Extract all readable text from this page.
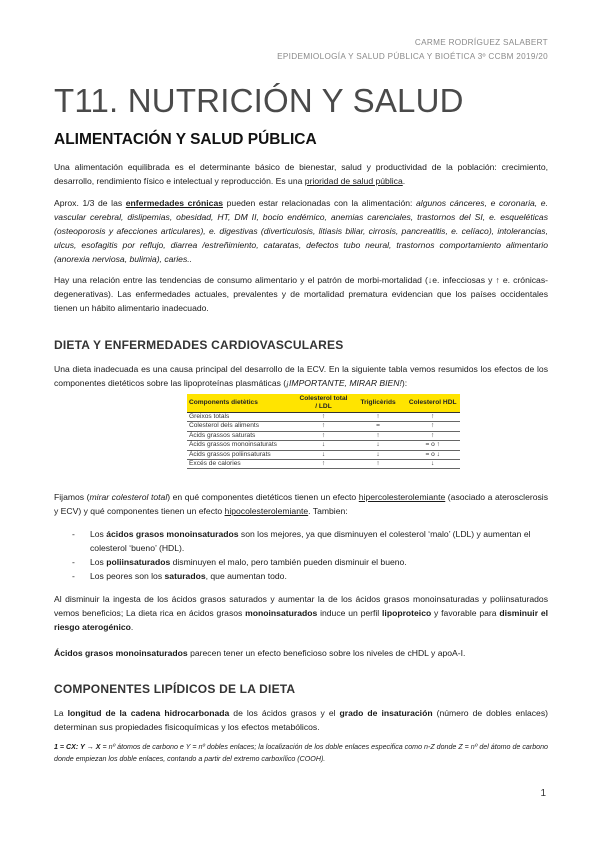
CARME RODRÍGUEZ SALABERT
EPIDEMIOLOGÍA Y SALUD PÚBLICA Y BIOÉTICA 3º CCBM 2019/20
T11. NUTRICIÓN Y SALUD
ALIMENTACIÓN Y SALUD PÚBLICA

Una alimentación equilibrada es el determinante básico de bienestar, salud y productividad de la población: crecimiento, desarrollo, rendimiento físico e intelectual y reproducción. Es una prioridad de salud pública.

Aprox. 1/3 de las enfermedades crónicas pueden estar relacionadas con la alimentación: algunos cánceres, e coronaria, e. vascular cerebral, dislipemias, obesidad, HT, DM II, bocio endémico, anemias carenciales, trastornos del SI, e. esqueléticas (osteoporosis y afecciones articulares), e. digestivas (diverticulosis, litiasis biliar, cirrosis, pancreatitis, e. celíaco), intolerancias, ulcus, esofagitis por reflujo, diarrea /estreñimiento, cataratas, defectos tubo neural, trastornos comportamiento alimentario (anorexia nerviosa, bulimia), caries..

Hay una relación entre las tendencias de consumo alimentario y el patrón de morbi-mortalidad (↓e. infecciosas y ↑ e. crónicas-degenerativas). Las enfermedades actuales, prevalentes y de mortalidad prematura evidencian que los países occidentales tienen un hábito alimentario inadecuado.

DIETA Y ENFERMEDADES CARDIOVASCULARES

Una dieta inadecuada es una causa principal del desarrollo de la ECV. En la siguiente tabla vemos resumidos los efectos de los componentes dietéticos sobre las lipoproteínas plasmáticas (¡IMPORTANTE, MIRAR BIEN!):

Components dietètics	Colesterol total / LDL	Triglicèrids	Colesterol HDL
Greixos totals	↑	↑	↑
Colesterol dels aliments	↑	=	↑
Àcids grassos saturats	↑	↑	↑
Àcids grassos monoinsaturats	↓	↓	= o ↑
Àcids grassos poliinsaturats	↓	↓	= o ↓
Excés de calories	↑	↑	↓

Fijamos (mirar colesterol total) en qué componentes dietéticos tienen un efecto hipercolesterolemiante (asociado a aterosclerosis y ECV) y qué componentes tienen un efecto hipocolesterolemiante. Tambien:

- Los ácidos grasos monoinsaturados son los mejores, ya que disminuyen el colesterol ‘malo’ (LDL) y aumentan el colesterol ‘bueno’ (HDL).
- Los poliinsaturados disminuyen el malo, pero también pueden disminuir el bueno.
- Los peores son los saturados, que aumentan todo.

Al disminuir la ingesta de los ácidos grasos saturados y aumentar la de los ácidos grasos monoinsaturadas y poliinsaturados vemos beneficios; La dieta rica en ácidos grasos monoinsaturados induce un perfil lipoproteico y favorable para disminuir el riesgo aterogénico.

Ácidos grasos monoinsaturados parecen tener un efecto beneficioso sobre los niveles de cHDL y apoA-I.

COMPONENTES LIPÍDICOS DE LA DIETA

La longitud de la cadena hidrocarbonada de los ácidos grasos y el grado de insaturación (número de dobles enlaces) determinan sus propiedades fisicoquímicas y los efectos metabólicos.

1 = CX: Y → X = nº átomos de carbono e Y = nº dobles enlaces; la localización de los doble enlaces especifica como n-Z donde Z = nº del átomo de carbono donde empiezan los doble enlaces, contando a partir del extremo carboxílico (COOH).

1
